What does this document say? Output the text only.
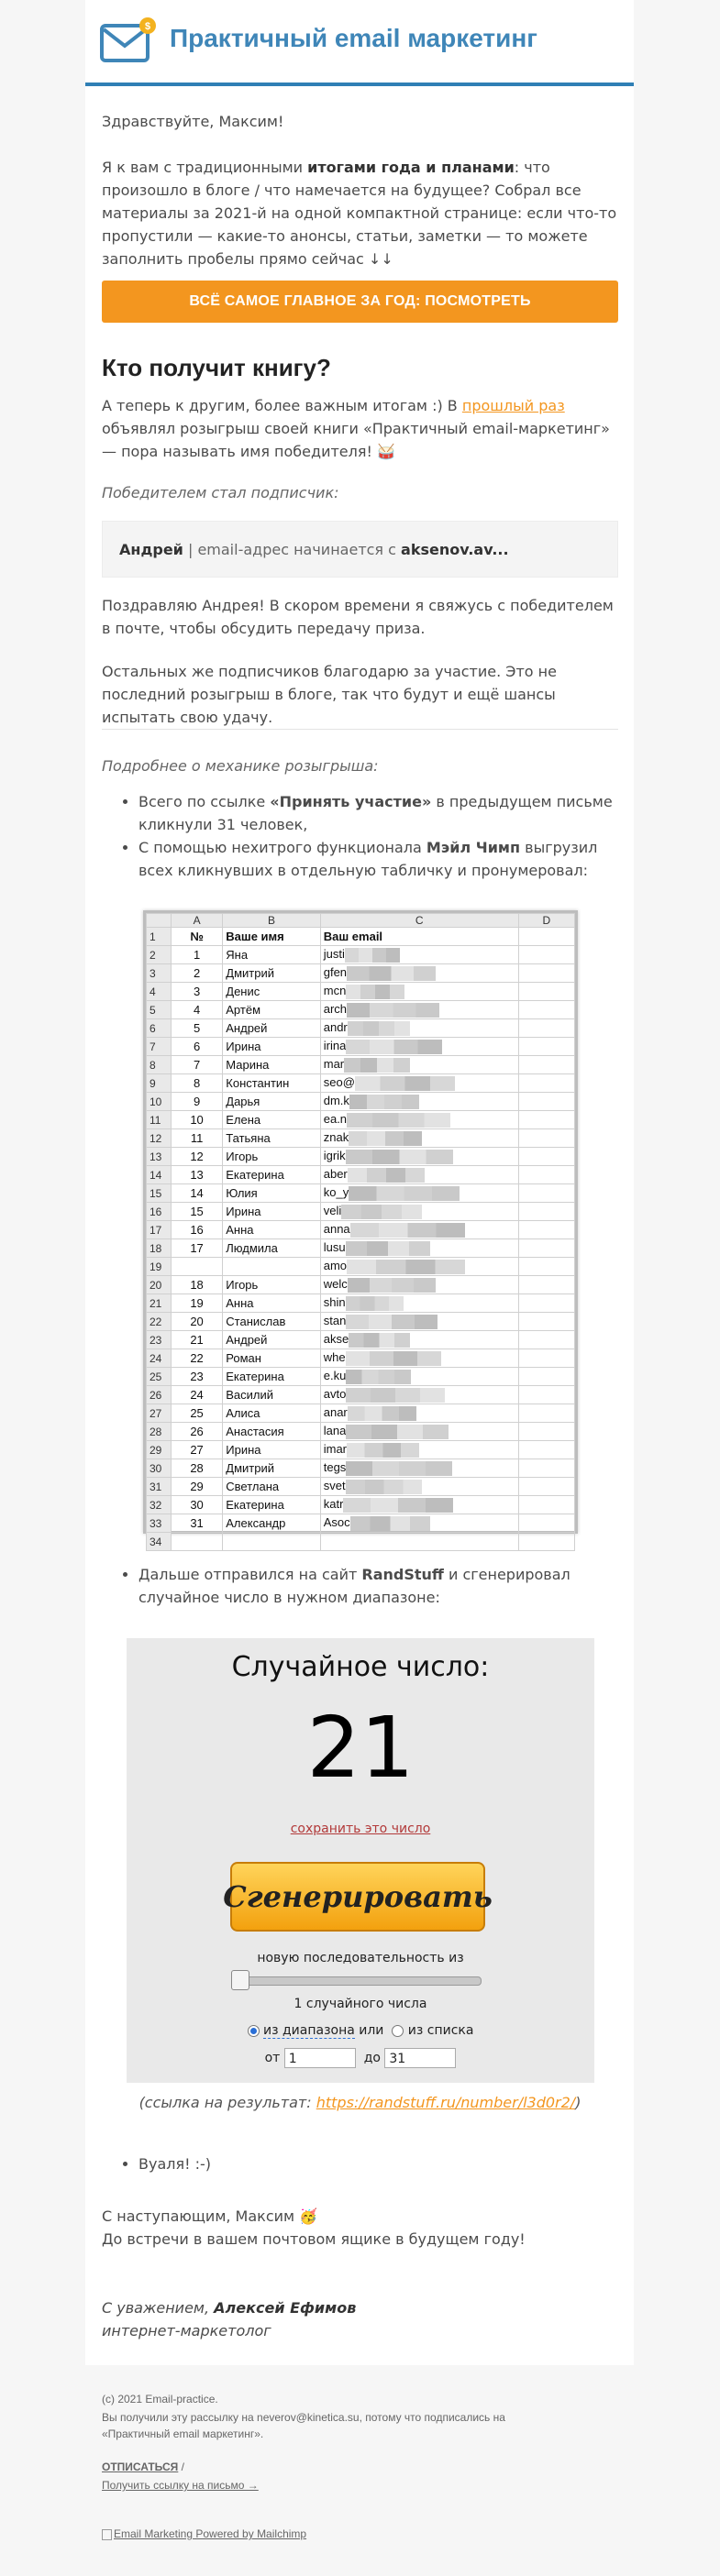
$ Практичный email маркетинг
Здравствуйте, Максим!
Я к вам с традиционными итогами года и планами: что произошло в блоге / что намечается на будущее? Собрал все материалы за 2021-й на одной компактной странице: если что-то пропустили — какие-то анонсы, статьи, заметки — то можете заполнить пробелы прямо сейчас ↓↓
ВСЁ САМОЕ ГЛАВНОЕ ЗА ГОД: ПОСМОТРЕТЬ
Кто получит книгу?
А теперь к другим, более важным итогам :) В прошлый раз объявлял розыгрыш своей книги «Практичный email-маркетинг» — пора называть имя победителя! 🥁
Победителем стал подписчик:
Андрей | email-адрес начинается с aksenov.av...
Поздравляю Андрея! В скором времени я свяжусь с победителем в почте, чтобы обсудить передачу приза.
Остальных же подписчиков благодарю за участие. Это не последний розыгрыш в блоге, так что будут и ещё шансы испытать свою удачу.
Подробнее о механике розыгрыша:
• Всего по ссылке «Принять участие» в предыдущем письме кликнули 31 человек,
• С помощью нехитрого функционала Мэйл Чимп выгрузил всех кликнувших в отдельную табличку и пронумеровал:
	A	B	C	D
1	№	Ваше имя	Ваш email	
2	1	Яна	justi	
3	2	Дмитрий	gfen	
4	3	Денис	mcn	
5	4	Артём	arch	
6	5	Андрей	andr	
7	6	Ирина	irina	
8	7	Марина	mar	
9	8	Константин	seo@	
10	9	Дарья	dm.k	
11	10	Елена	ea.n	
12	11	Татьяна	znak	
13	12	Игорь	igrik	
14	13	Екатерина	aber	
15	14	Юлия	ko_y	
16	15	Ирина	veli	
17	16	Анна	anna	
18	17	Людмила	lusu	
19			amo	
20	18	Игорь	welc	
21	19	Анна	shin	
22	20	Станислав	stan	
23	21	Андрей	akse	
24	22	Роман	whe	
25	23	Екатерина	e.ku	
26	24	Василий	avto	
27	25	Алиса	anar	
28	26	Анастасия	lana	
29	27	Ирина	imar	
30	28	Дмитрий	tegs	
31	29	Светлана	svet	
32	30	Екатерина	katr	
33	31	Александр	Asoc	
34				
• Дальше отправился на сайт RandStuff и сгенерировал случайное число в нужном диапазоне:
Случайное число:
21
сохранить это число
Сгенерировать
новую последовательность из
1 случайного числа
из диапазона или   из списка
от 1	до 31
(ссылка на результат: https://randstuff.ru/number/l3d0r2/)
• Вуаля! :-)
С наступающим, Максим 🥳
До встречи в вашем почтовом ящике в будущем году!
С уважением, Алексей Ефимов
интернет-маркетолог
(c) 2021 Email-practice.
Вы получили эту рассылку на neverov@kinetica.su, потому что подписались на «Практичный email маркетинг».
ОТПИСАТЬСЯ /
Получить ссылку на письмо →
Email Marketing Powered by Mailchimp
